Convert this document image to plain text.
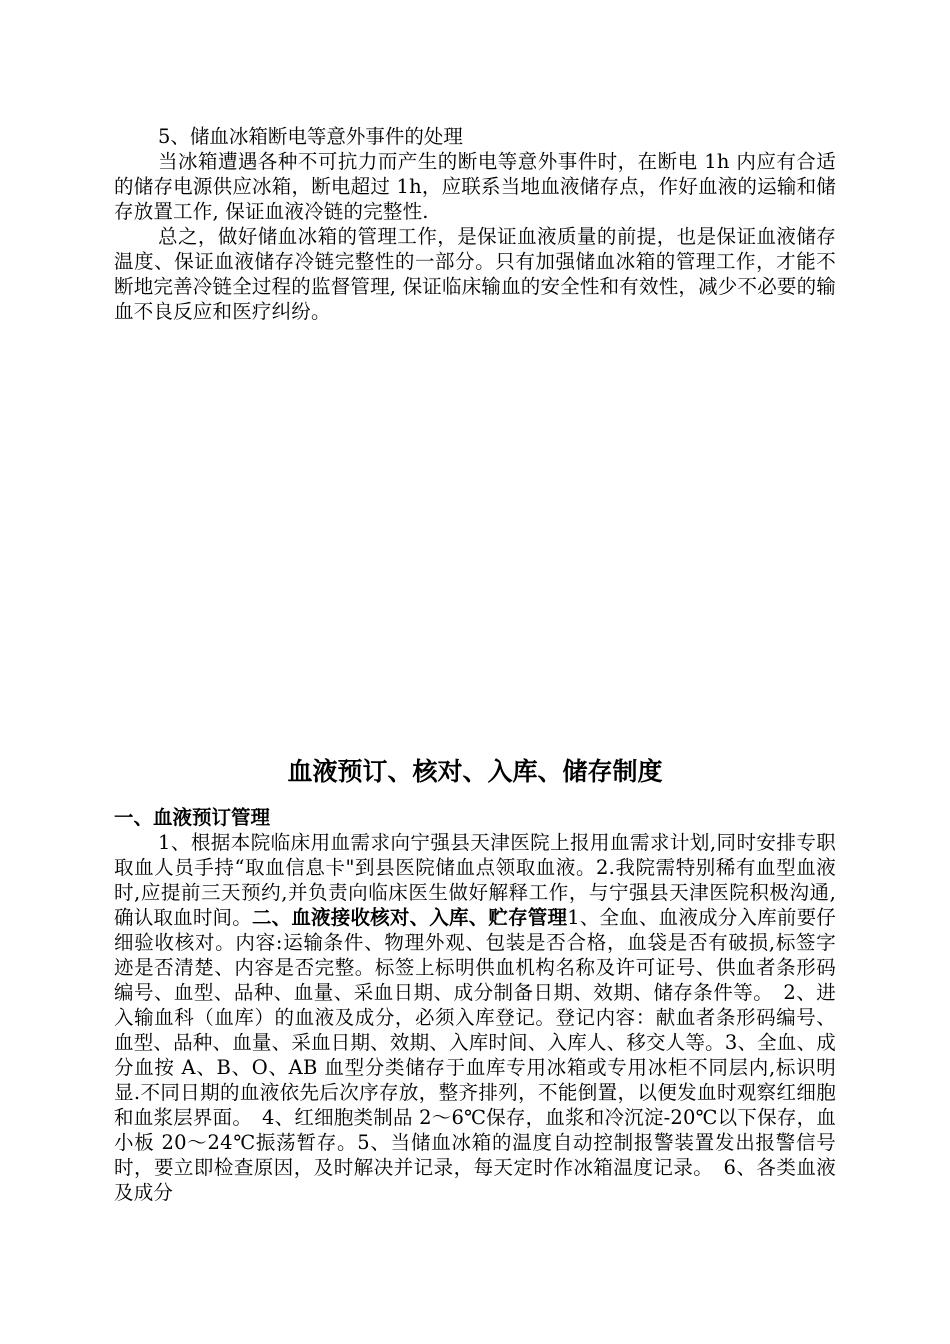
5、储血冰箱断电等意外事件的处理

当冰箱遭遇各种不可抗力而产生的断电等意外事件时，在断电 1h 内应有合适的储存电源供应冰箱，断电超过 1h，应联系当地血液储存点，作好血液的运输和储存放置工作, 保证血液冷链的完整性.

总之，做好储血冰箱的管理工作，是保证血液质量的前提，也是保证血液储存温度、保证血液储存冷链完整性的一部分。只有加强储血冰箱的管理工作，才能不断地完善冷链全过程的监督管理, 保证临床输血的安全性和有效性，减少不必要的输血不良反应和医疗纠纷。

血液预订、核对、入库、储存制度

一、血液预订管理

1、根据本院临床用血需求向宁强县天津医院上报用血需求计划,同时安排专职取血人员手持“取血信息卡"到县医院储血点领取血液。2.我院需特别稀有血型血液时,应提前三天预约,并负责向临床医生做好解释工作，与宁强县天津医院积极沟通,确认取血时间。二、血液接收核对、入库、贮存管理1、全血、血液成分入库前要仔细验收核对。内容:运输条件、物理外观、包装是否合格，血袋是否有破损,标签字迹是否清楚、内容是否完整。标签上标明供血机构名称及许可证号、供血者条形码编号、血型、品种、血量、采血日期、成分制备日期、效期、储存条件等。　2、进入输血科（血库）的血液及成分，必须入库登记。登记内容：献血者条形码编号、血型、品种、血量、采血日期、效期、入库时间、入库人、移交人等。3、全血、成分血按 A、B、O、AB 血型分类储存于血库专用冰箱或专用冰柜不同层内,标识明显.不同日期的血液依先后次序存放，整齐排列，不能倒置，以便发血时观察红细胞和血浆层界面。　4、红细胞类制品 2～6℃保存，血浆和冷沉淀-20℃以下保存，血小板 20～24℃振荡暂存。5、当储血冰箱的温度自动控制报警装置发出报警信号时，要立即检查原因，及时解决并记录，每天定时作冰箱温度记录。　6、各类血液及成分
